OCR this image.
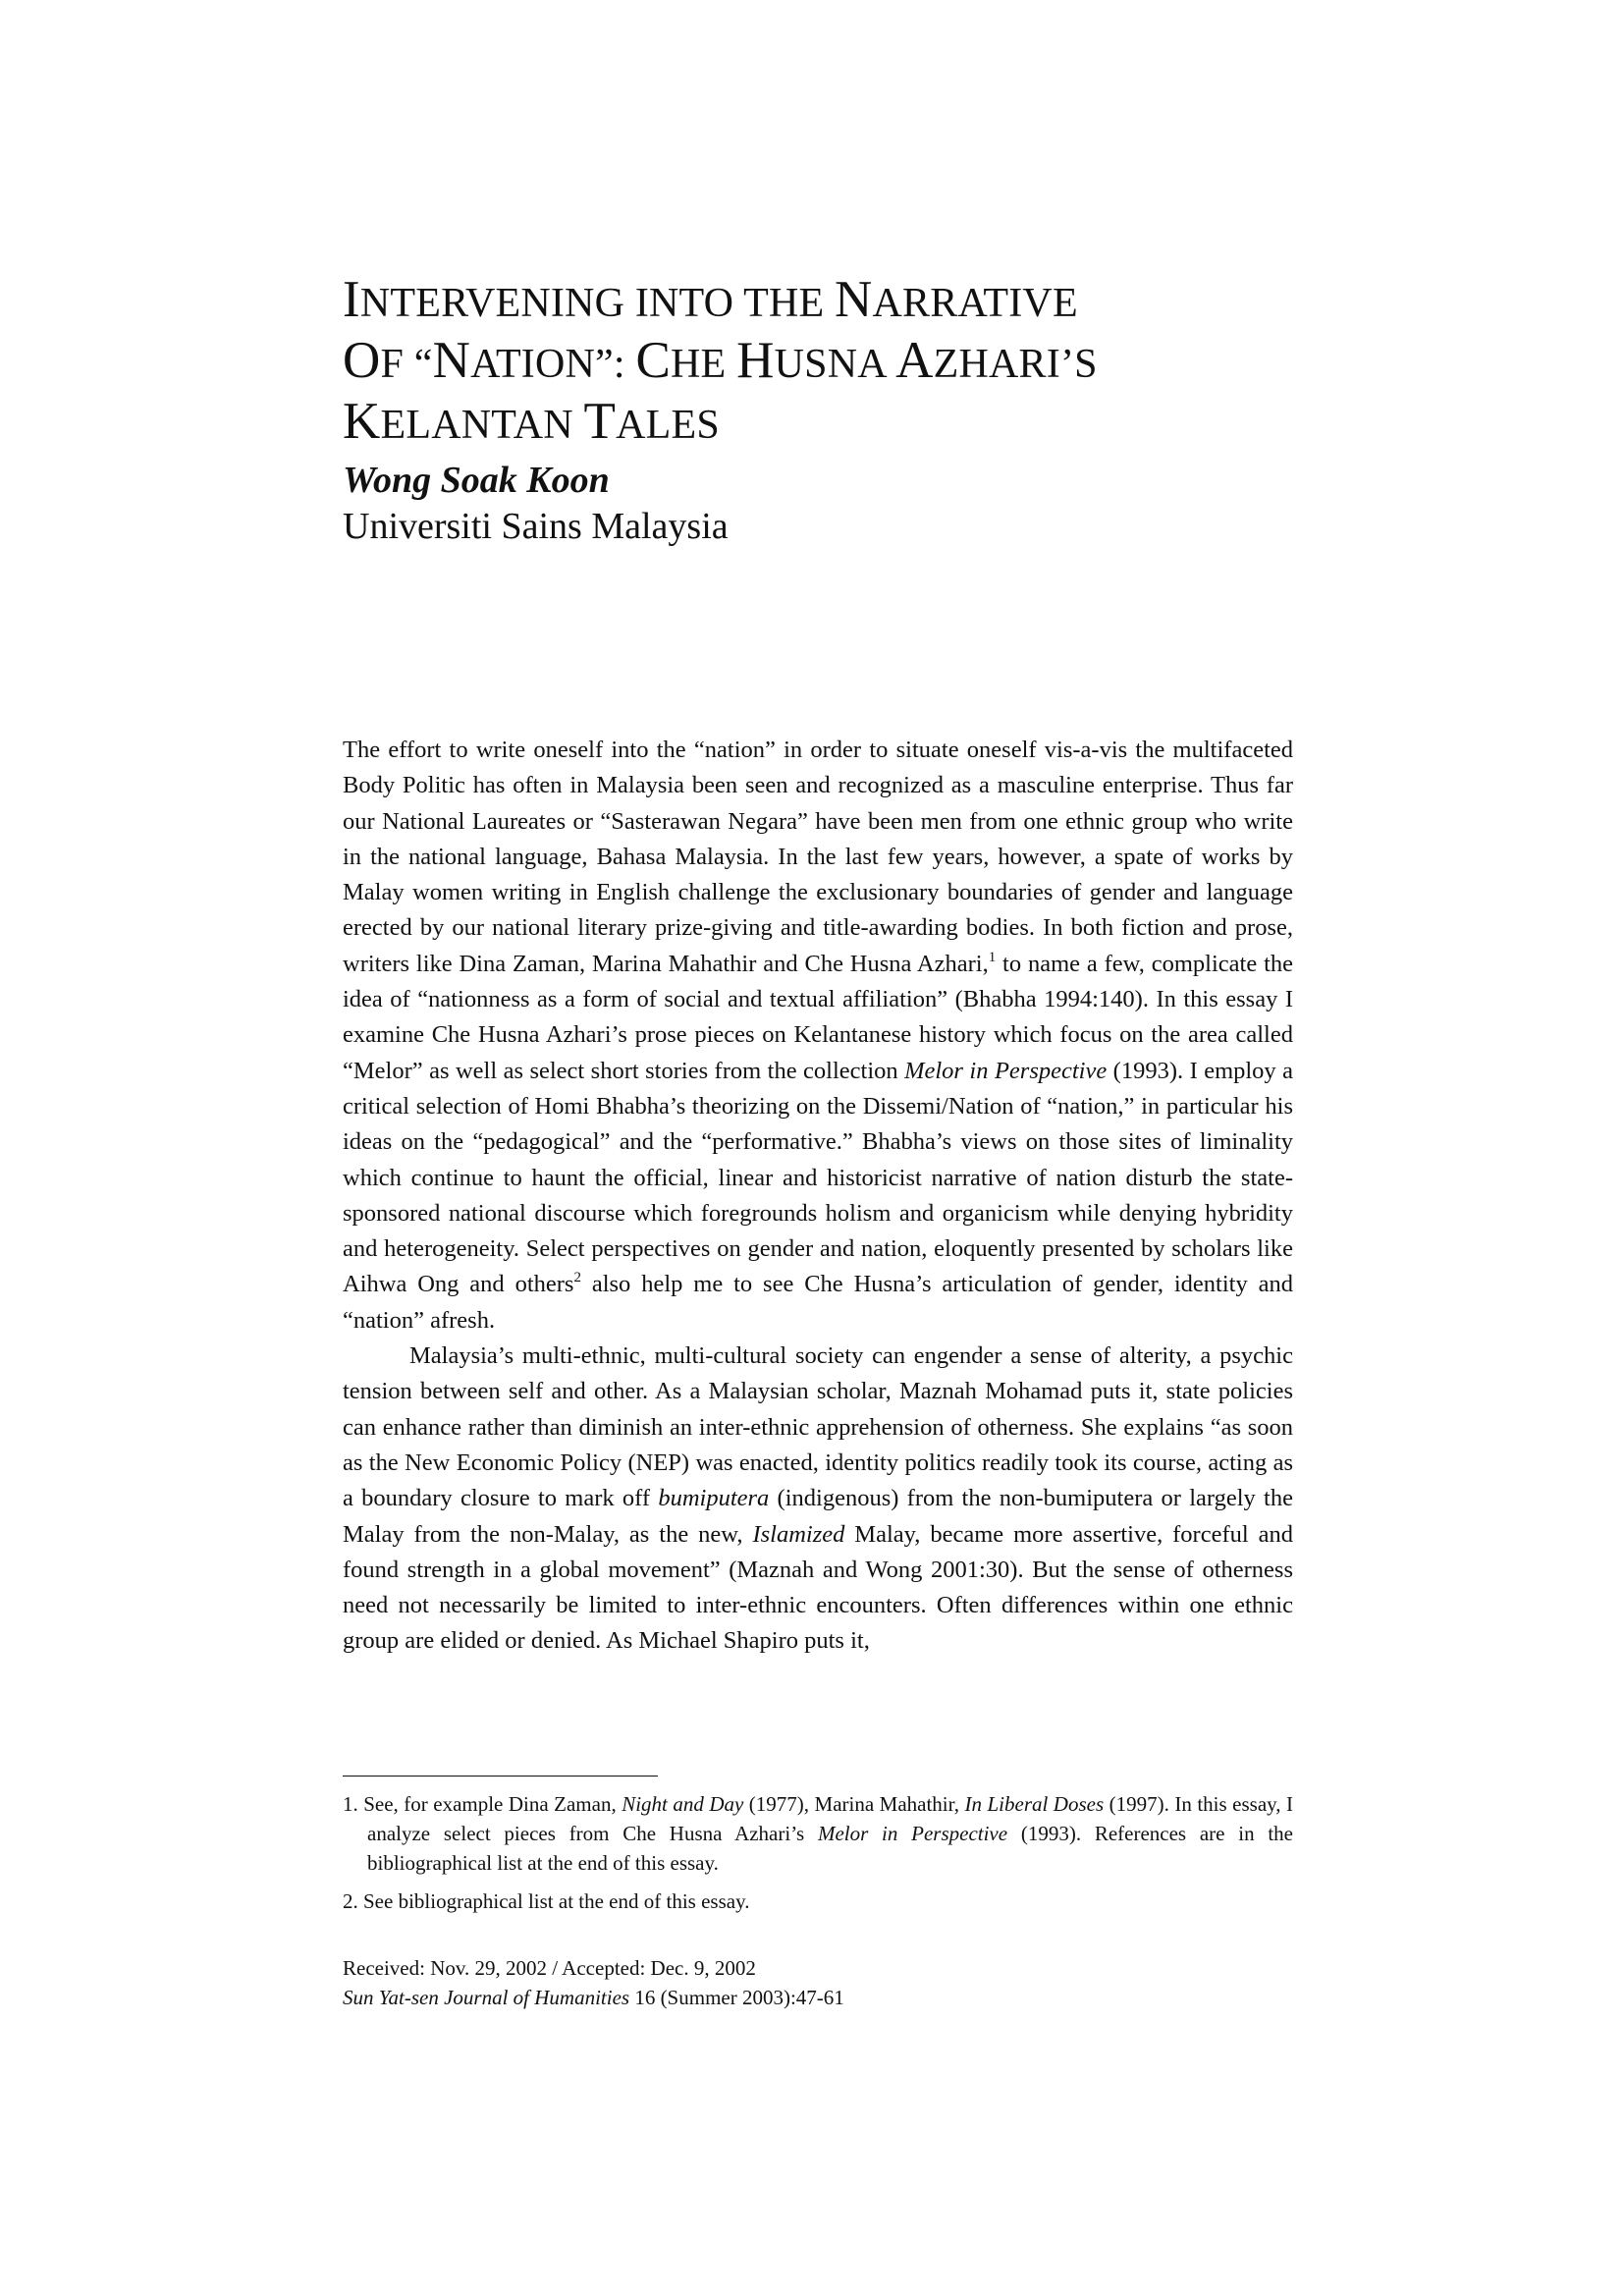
INTERVENING INTO THE NARRATIVE
OF “NATION”: CHE HUSNA AZHARI’S
KELANTAN TALES
Wong Soak Koon
Universiti Sains Malaysia

The effort to write oneself into the “nation” in order to situate oneself vis-a-vis the multifaceted Body Politic has often in Malaysia been seen and recognized as a masculine enterprise. Thus far our National Laureates or “Sasterawan Negara” have been men from one ethnic group who write in the national language, Bahasa Malaysia. In the last few years, however, a spate of works by Malay women writing in English challenge the exclusionary boundaries of gender and language erected by our national literary prize-giving and title-awarding bodies. In both fiction and prose, writers like Dina Zaman, Marina Mahathir and Che Husna Azhari,$^1$ to name a few, complicate the idea of “nationness as a form of social and textual affiliation” (Bhabha 1994:140). In this essay I examine Che Husna Azhari’s prose pieces on Kelantanese history which focus on the area called “Melor” as well as select short stories from the collection Melor in Perspective (1993). I employ a critical selection of Homi Bhabha’s theorizing on the Dissemi/Nation of “nation,” in particular his ideas on the “pedagogical” and the “performative.” Bhabha’s views on those sites of liminality which continue to haunt the official, linear and historicist narrative of nation disturb the state-sponsored national discourse which foregrounds holism and organicism while denying hybridity and heterogeneity. Select perspectives on gender and nation, eloquently presented by scholars like Aihwa Ong and others$^2$ also help me to see Che Husna’s articulation of gender, identity and “nation” afresh.

Malaysia’s multi-ethnic, multi-cultural society can engender a sense of alterity, a psychic tension between self and other. As a Malaysian scholar, Maznah Mohamad puts it, state policies can enhance rather than diminish an inter-ethnic apprehension of otherness. She explains “as soon as the New Economic Policy (NEP) was enacted, identity politics readily took its course, acting as a boundary closure to mark off bumiputera (indigenous) from the non-bumiputera or largely the Malay from the non-Malay, as the new, Islamized Malay, became more assertive, forceful and found strength in a global movement” (Maznah and Wong 2001:30). But the sense of otherness need not necessarily be limited to inter-ethnic encounters. Often differences within one ethnic group are elided or denied. As Michael Shapiro puts it,

1. See, for example Dina Zaman, Night and Day (1977), Marina Mahathir, In Liberal Doses (1997). In this essay, I analyze select pieces from Che Husna Azhari’s Melor in Perspective (1993). References are in the bibliographical list at the end of this essay.
2. See bibliographical list at the end of this essay.
Received: Nov. 29, 2002 / Accepted: Dec. 9, 2002
Sun Yat-sen Journal of Humanities 16 (Summer 2003):47-61
